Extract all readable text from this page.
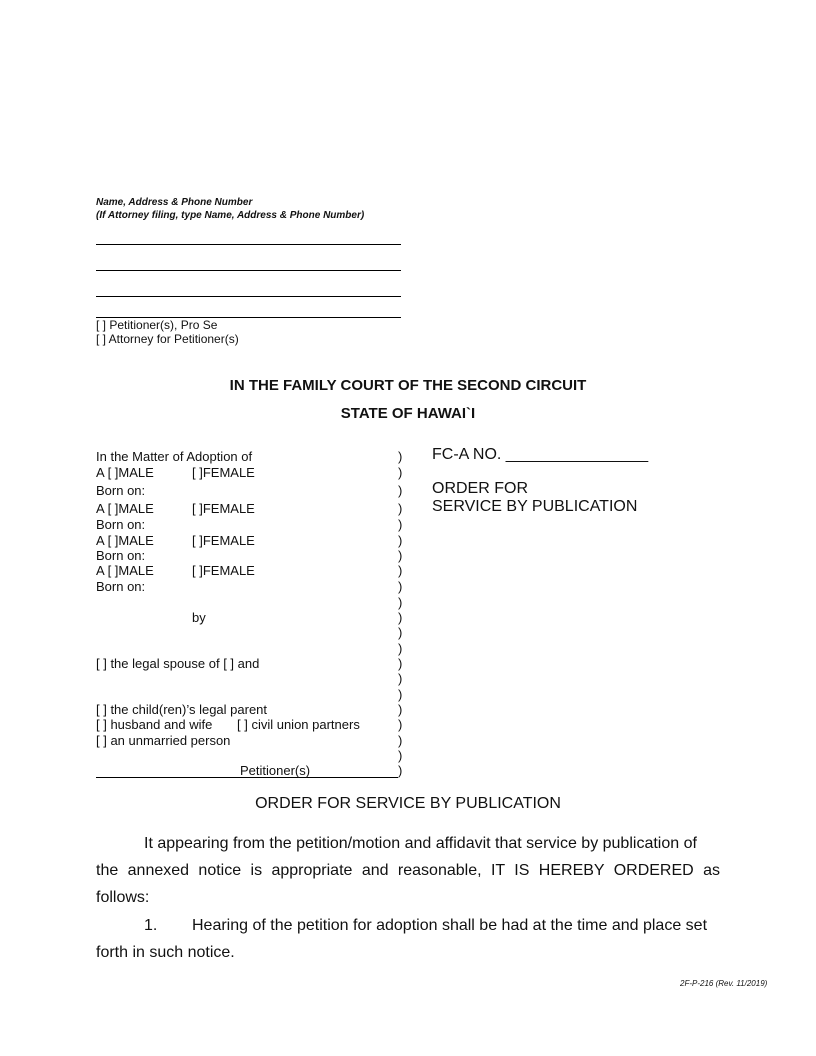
Name, Address & Phone Number
(If Attorney filing, type Name, Address & Phone Number)
[ ] Petitioner(s), Pro Se
[ ] Attorney for Petitioner(s)
IN THE FAMILY COURT OF THE SECOND CIRCUIT
STATE OF HAWAI`I
In the Matter of Adoption of
A [ ]MALE	[ ]FEMALE
Born on:
A [ ]MALE	[ ]FEMALE
Born on:
A [ ]MALE	[ ]FEMALE
Born on:
A [ ]MALE	[ ]FEMALE
Born on:
by
[ ] the legal spouse of [ ] and
[ ] the child(ren)’s legal parent
[ ] husband and wife [ ] civil union partners
[ ] an unmarried person
Petitioner(s)
)
)
)
)
)
)
)
)
)
)
)
)
)
)
)
)
)
)
)
)
)
FC-A NO. ________________
ORDER FOR
SERVICE BY PUBLICATION
ORDER FOR SERVICE BY PUBLICATION
It appearing from the petition/motion and affidavit that service by publication of
the annexed notice is appropriate and reasonable, IT IS HEREBY ORDERED as
follows:
1. Hearing of the petition for adoption shall be had at the time and place set
forth in such notice.
2F-P-216 (Rev. 11/2019)
